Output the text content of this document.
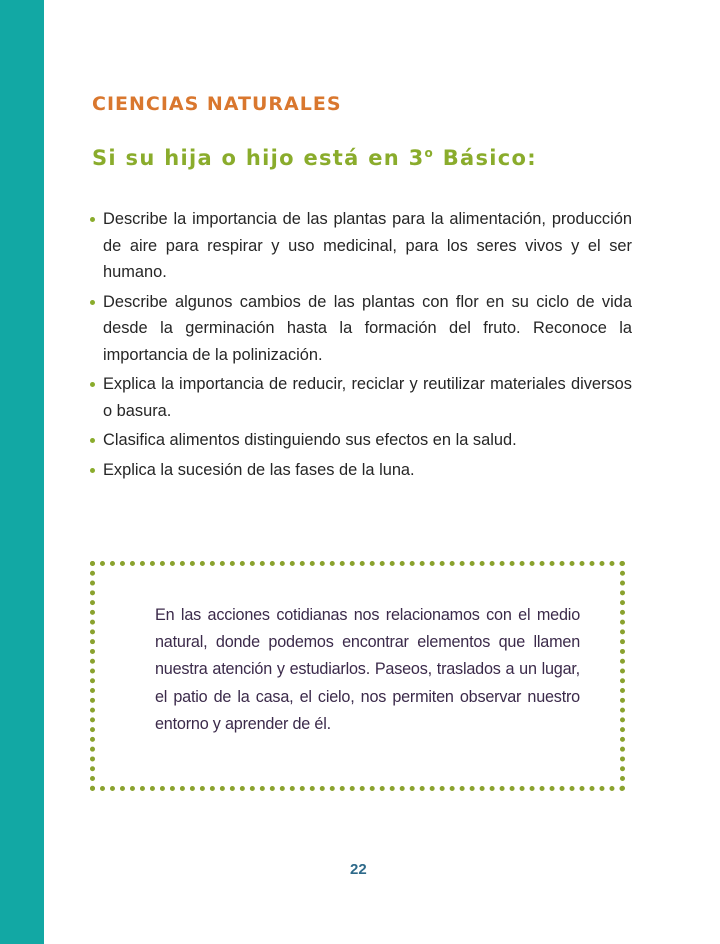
CIENCIAS NATURALES
Si su hija o hijo está en 3$^o$ Básico:
Describe la importancia de las plantas para la alimentación, producción de aire para respirar y uso medicinal, para los seres vivos y el ser humano.
Describe algunos cambios de las plantas con flor en su ciclo de vida desde la germinación hasta la formación del fruto. Reconoce la importancia de la polinización.
Explica la importancia de reducir, reciclar y reutilizar materiales diversos o basura.
Clasifica alimentos distinguiendo sus efectos en la salud.
Explica la sucesión de las fases de la luna.

En las acciones cotidianas nos relacionamos con el medio natural, donde podemos encontrar elementos que llamen nuestra atención y estudiarlos. Paseos, traslados a un lugar, el patio de la casa, el cielo, nos permiten observar nuestro entorno y aprender de él.

22
